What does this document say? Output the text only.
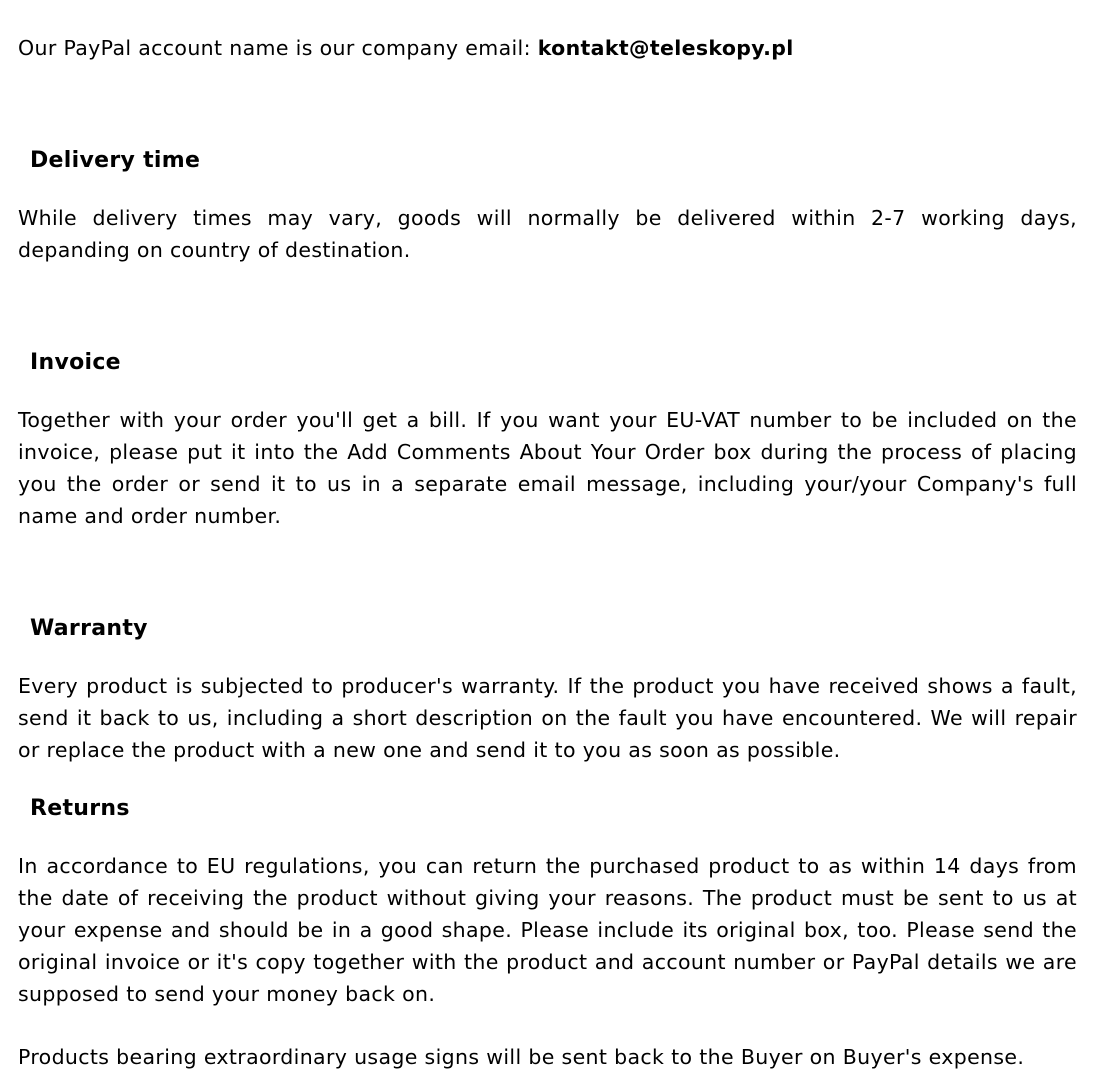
Our PayPal account name is our company email: kontakt@teleskopy.pl

Delivery time

While delivery times may vary, goods will normally be delivered within 2-7 working days, depanding on country of destination.

Invoice

Together with your order you'll get a bill. If you want your EU-VAT number to be included on the invoice, please put it into the Add Comments About Your Order box during the process of placing you the order or send it to us in a separate email message, including your/your Company's full name and order number.

Warranty

Every product is subjected to producer's warranty. If the product you have received shows a fault, send it back to us, including a short description on the fault you have encountered. We will repair or replace the product with a new one and send it to you as soon as possible.

Returns

In accordance to EU regulations, you can return the purchased product to as within 14 days from the date of receiving the product without giving your reasons. The product must be sent to us at your expense and should be in a good shape. Please include its original box, too. Please send the original invoice or it's copy together with the product and account number or PayPal details we are supposed to send your money back on.

Products bearing extraordinary usage signs will be sent back to the Buyer on Buyer's expense.
